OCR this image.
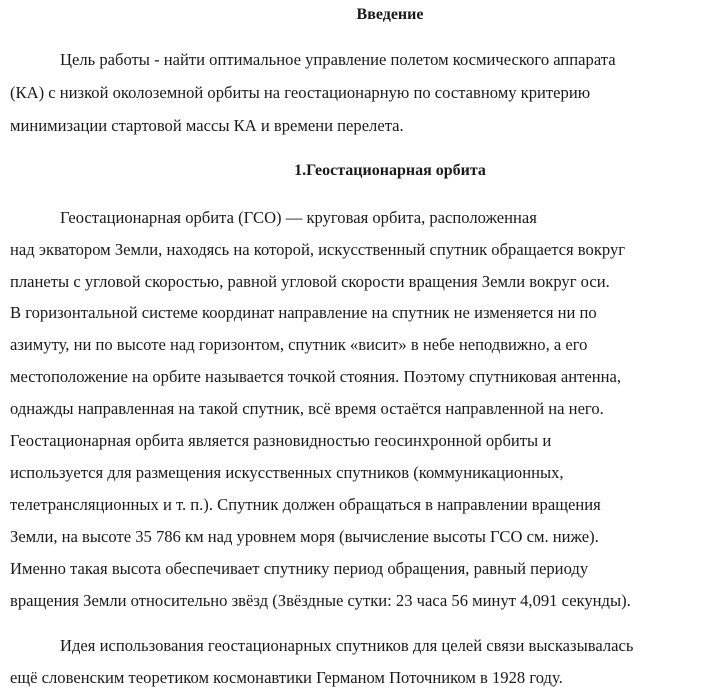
Введение
Цель работы - найти оптимальное управление полетом космического аппарата
(КА) с низкой околоземной орбиты на геостационарную по составному критерию
минимизации стартовой массы КА и времени перелета.
1.Геостационарная орбита
Геостационарная орбита (ГСО) — круговая орбита, расположенная
над экватором Земли, находясь на которой, искусственный спутник обращается вокруг
планеты с угловой скоростью, равной угловой скорости вращения Земли вокруг оси.
В горизонтальной системе координат направление на спутник не изменяется ни по
азимуту, ни по высоте над горизонтом, спутник «висит» в небе неподвижно, а его
местоположение на орбите называется точкой стояния. Поэтому спутниковая антенна,
однажды направленная на такой спутник, всё время остаётся направленной на него.
Геостационарная орбита является разновидностью геосинхронной орбиты и
используется для размещения искусственных спутников (коммуникационных,
телетрансляционных и т. п.). Спутник должен обращаться в направлении вращения
Земли, на высоте 35 786 км над уровнем моря (вычисление высоты ГСО см. ниже).
Именно такая высота обеспечивает спутнику период обращения, равный периоду
вращения Земли относительно звёзд (Звёздные сутки: 23 часа 56 минут 4,091 секунды).
Идея использования геостационарных спутников для целей связи высказывалась
ещё словенским теоретиком космонавтики Германом Поточником в 1928 году.
